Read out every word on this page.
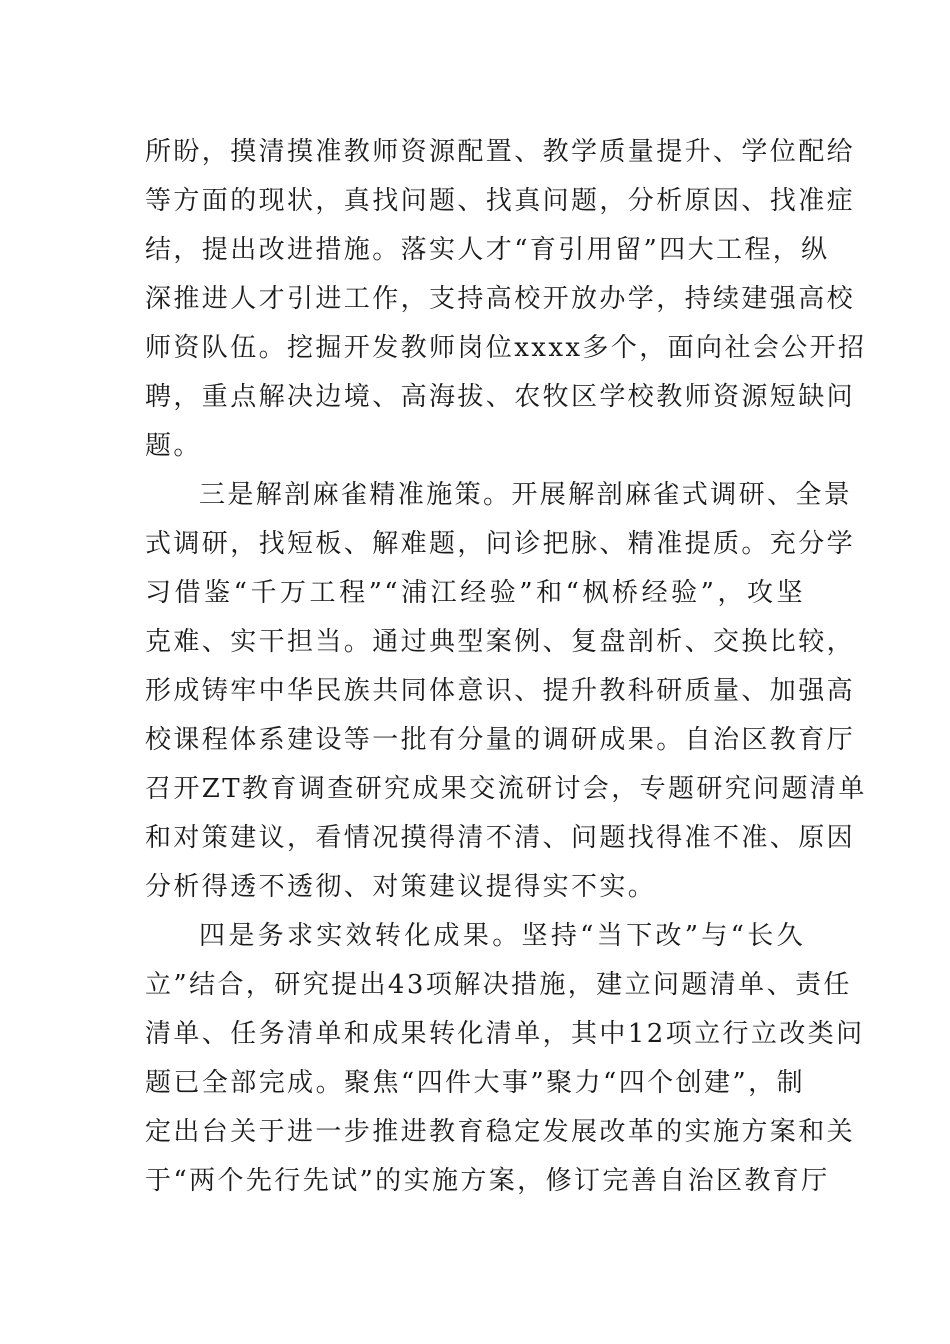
所盼，摸清摸准教师资源配置、教学质量提升、学位配给
等方面的现状，真找问题、找真问题，分析原因、找准症
结，提出改进措施。落实人才“育引用留”四大工程，纵
深推进人才引进工作，支持高校开放办学，持续建强高校
师资队伍。挖掘开发教师岗位xxxx多个，面向社会公开招
聘，重点解决边境、高海拔、农牧区学校教师资源短缺问
题。
三是解剖麻雀精准施策。开展解剖麻雀式调研、全景
式调研，找短板、解难题，问诊把脉、精准提质。充分学
习借鉴“千万工程”“浦江经验”和“枫桥经验”，攻坚
克难、实干担当。通过典型案例、复盘剖析、交换比较，
形成铸牢中华民族共同体意识、提升教科研质量、加强高
校课程体系建设等一批有分量的调研成果。自治区教育厅
召开ZT教育调查研究成果交流研讨会，专题研究问题清单
和对策建议，看情况摸得清不清、问题找得准不准、原因
分析得透不透彻、对策建议提得实不实。
四是务求实效转化成果。坚持“当下改”与“长久
立”结合，研究提出43项解决措施，建立问题清单、责任
清单、任务清单和成果转化清单，其中12项立行立改类问
题已全部完成。聚焦“四件大事”聚力“四个创建”，制
定出台关于进一步推进教育稳定发展改革的实施方案和关
于“两个先行先试”的实施方案，修订完善自治区教育厅
